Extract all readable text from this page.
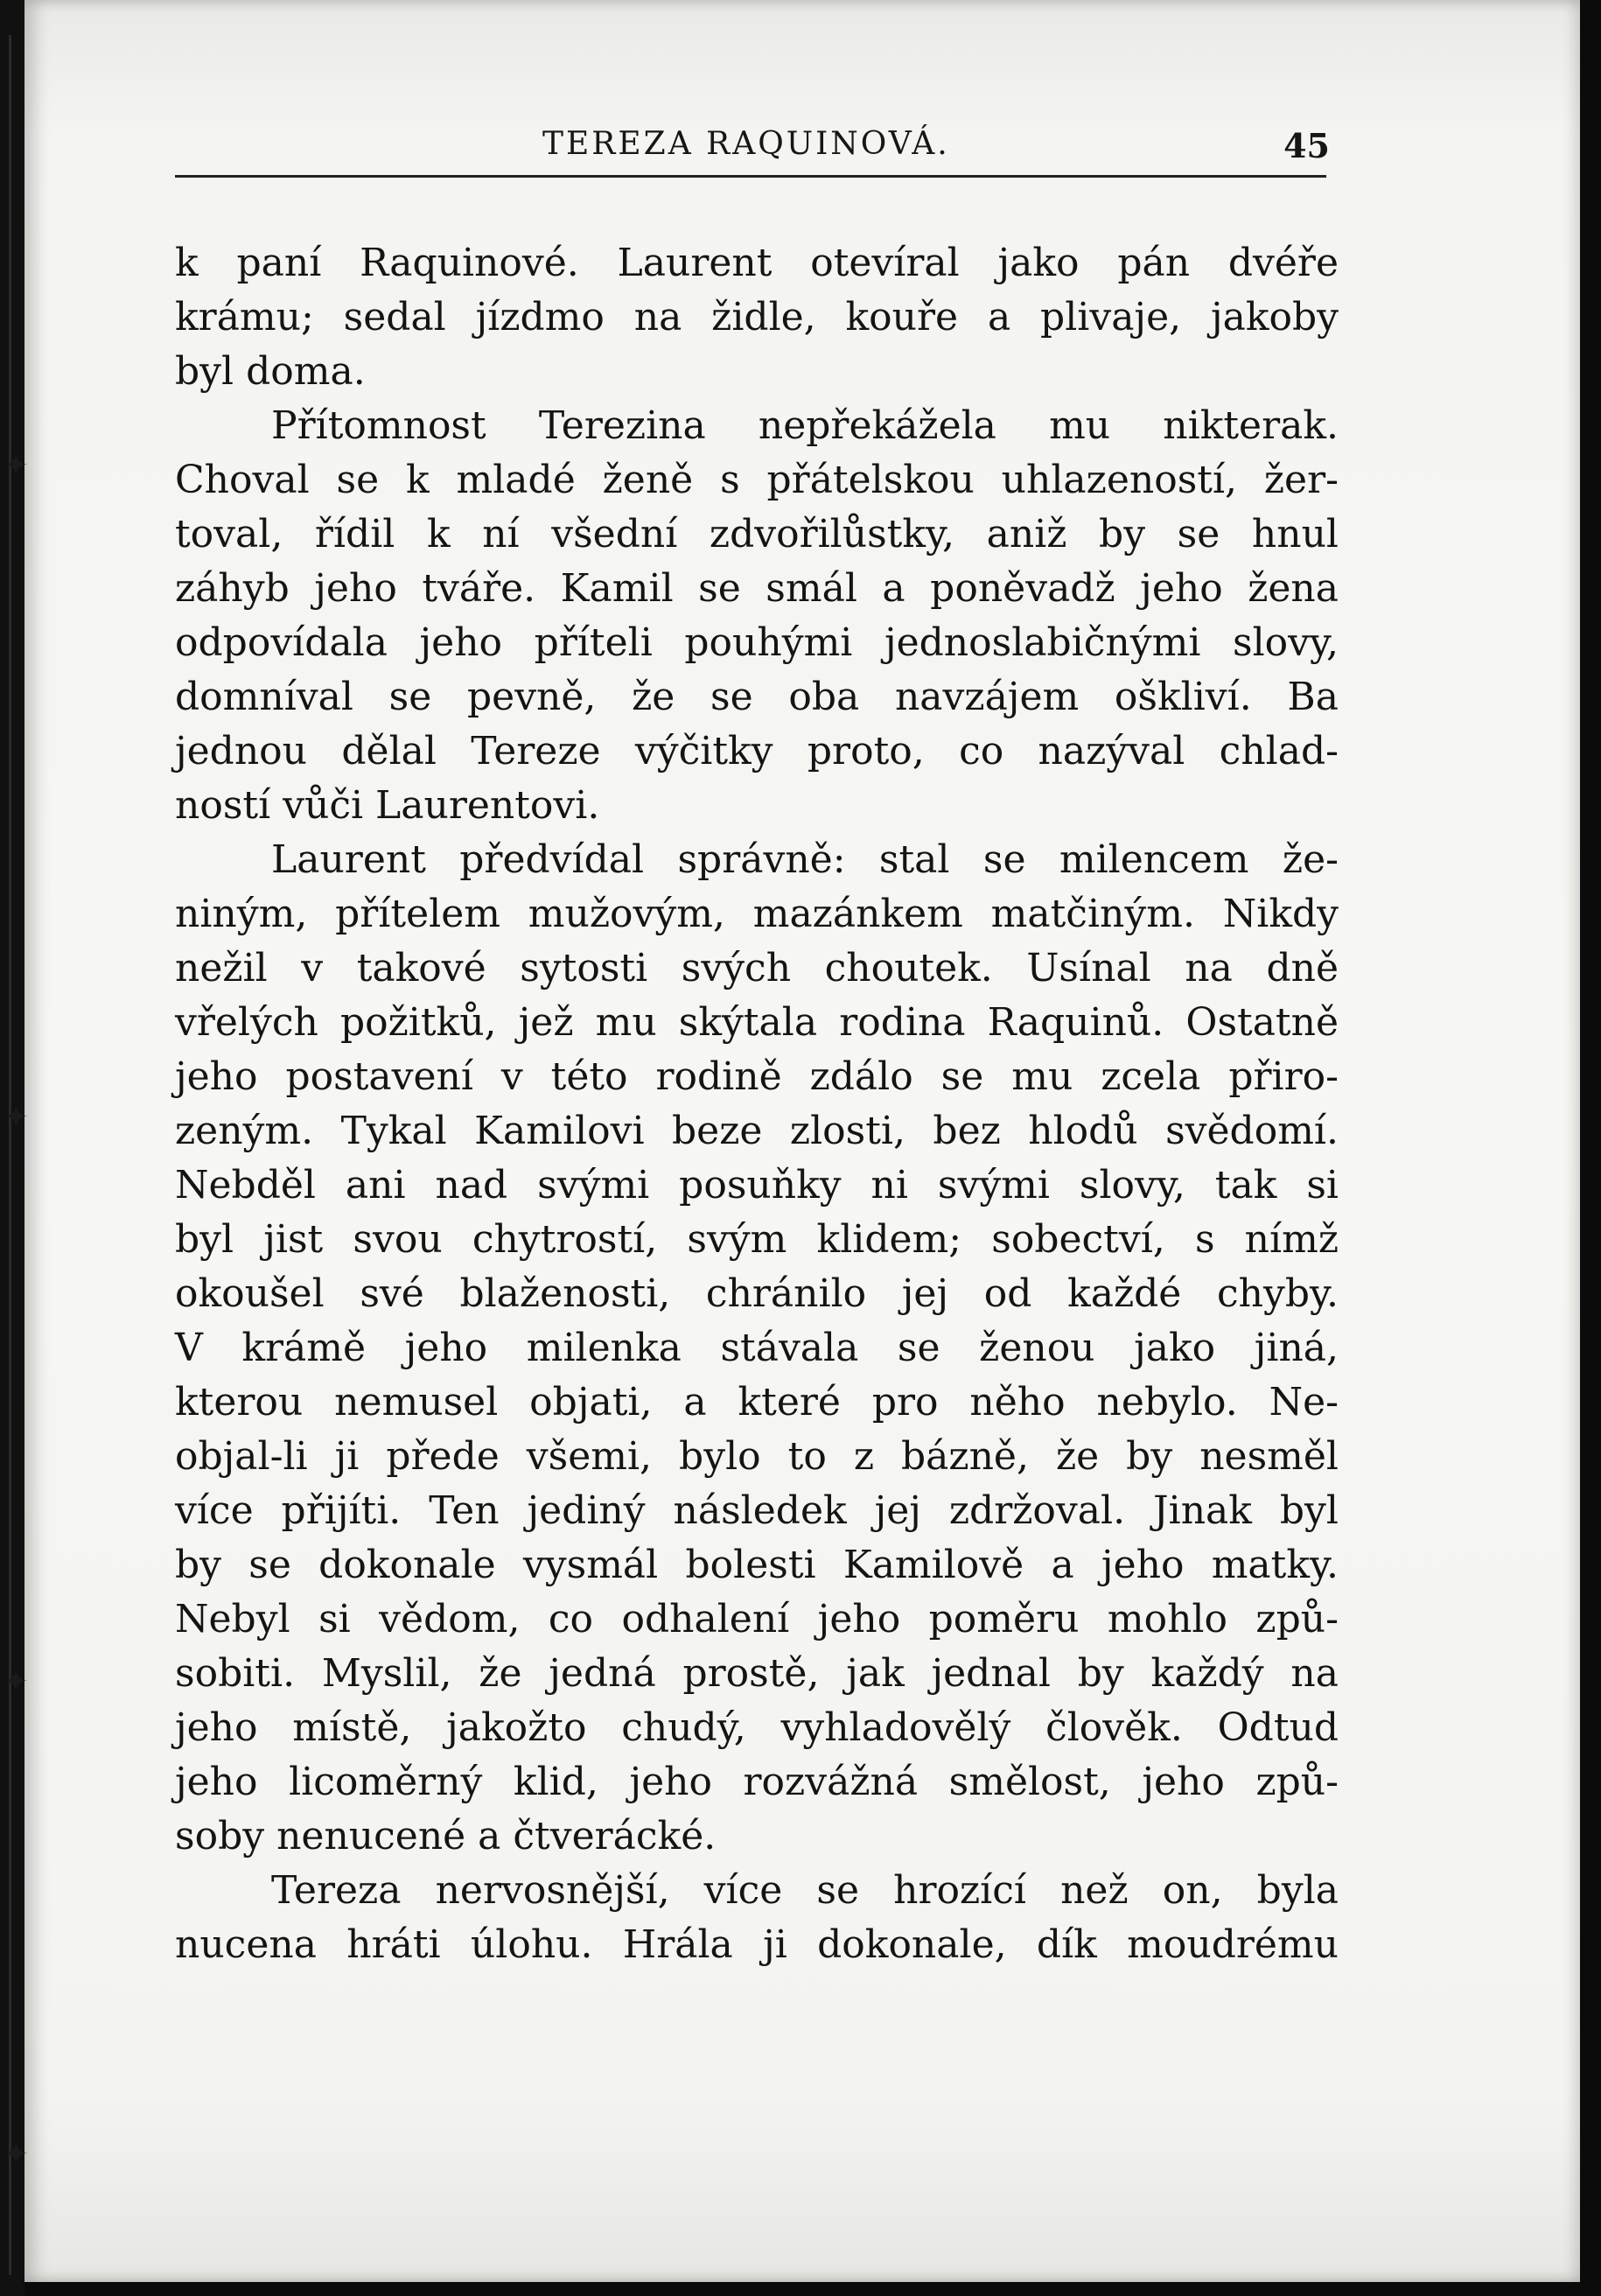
✦
✦
✦
✦
TEREZA RAQUINOVÁ.	45
k paní Raquinové. Laurent otevíral jako pán dvéře
krámu; sedal jízdmo na židle, kouře a plivaje, jakoby
byl doma.
Přítomnost Terezina nepřekážela mu nikterak.
Choval se k mladé ženě s přátelskou uhlazeností, žer-
toval, řídil k ní všední zdvořilůstky, aniž by se hnul
záhyb jeho tváře. Kamil se smál a poněvadž jeho žena
odpovídala jeho příteli pouhými jednoslabičnými slovy,
domníval se pevně, že se oba navzájem oškliví. Ba
jednou dělal Tereze výčitky proto, co nazýval chlad-
ností vůči Laurentovi.
Laurent předvídal správně: stal se milencem že-
niným, přítelem mužovým, mazánkem matčiným. Nikdy
nežil v takové sytosti svých choutek. Usínal na dně
vřelých požitků, jež mu skýtala rodina Raquinů. Ostatně
jeho postavení v této rodině zdálo se mu zcela přiro-
zeným. Tykal Kamilovi beze zlosti, bez hlodů svědomí.
Nebděl ani nad svými posuňky ni svými slovy, tak si
byl jist svou chytrostí, svým klidem; sobectví, s nímž
okoušel své blaženosti, chránilo jej od každé chyby.
V krámě jeho milenka stávala se ženou jako jiná,
kterou nemusel objati, a které pro něho nebylo. Ne-
objal-li ji přede všemi, bylo to z bázně, že by nesměl
více přijíti. Ten jediný následek jej zdržoval. Jinak byl
by se dokonale vysmál bolesti Kamilově a jeho matky.
Nebyl si vědom, co odhalení jeho poměru mohlo způ-
sobiti. Myslil, že jedná prostě, jak jednal by každý na
jeho místě, jakožto chudý, vyhladovělý člověk. Odtud
jeho licoměrný klid, jeho rozvážná smělost, jeho způ-
soby nenucené a čtverácké.
Tereza nervosnější, více se hrozící než on, byla
nucena hráti úlohu. Hrála ji dokonale, dík moudrému
